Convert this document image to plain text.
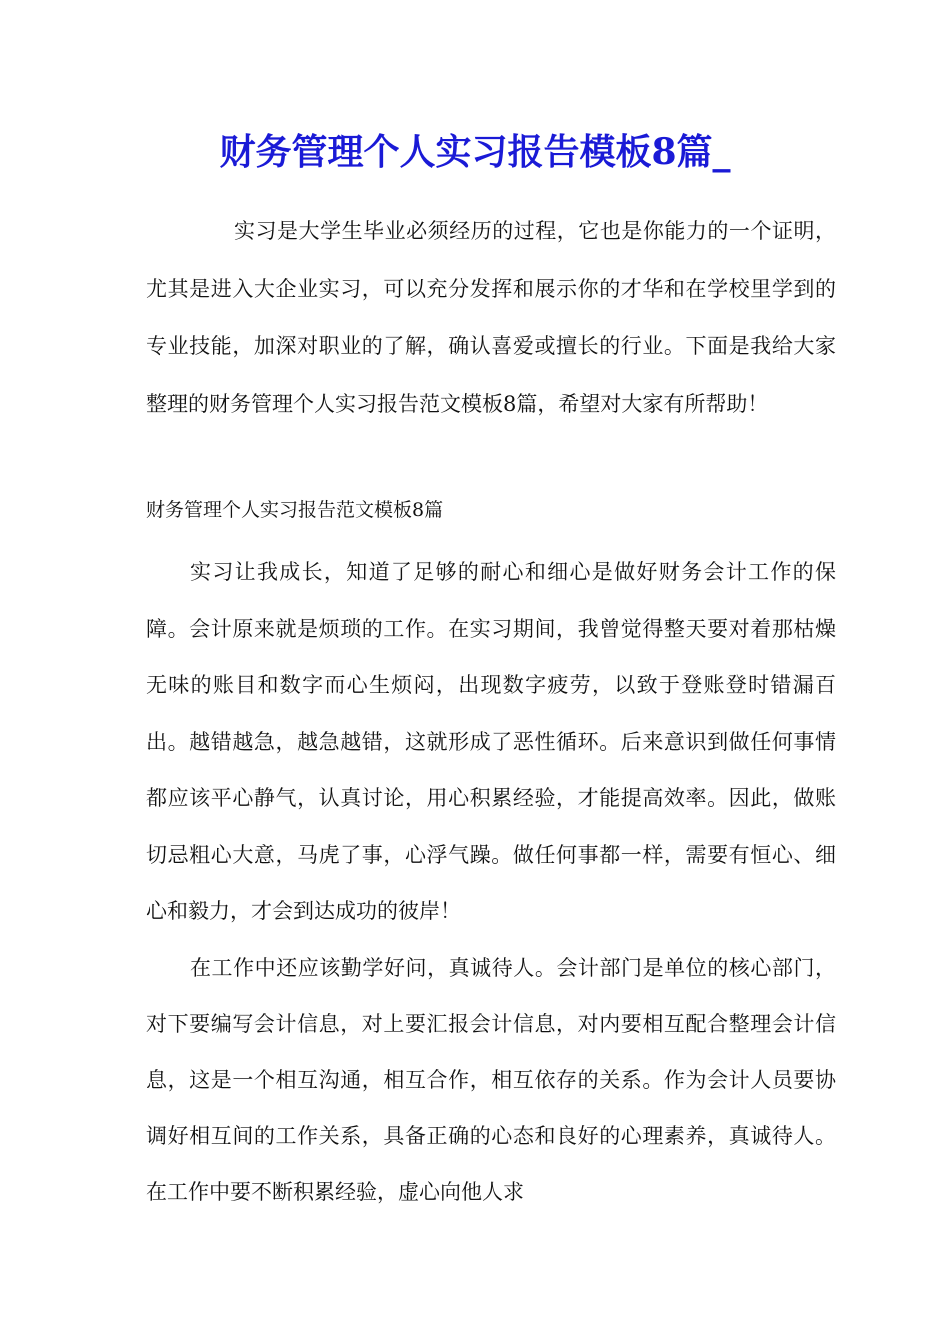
财务管理个人实习报告模板8篇_
实习是大学生毕业必须经历的过程，它也是你能力的一个证明，尤其是进入大企业实习，可以充分发挥和展示你的才华和在学校里学到的专业技能，加深对职业的了解，确认喜爱或擅长的行业。下面是我给大家整理的财务管理个人实习报告范文模板8篇，希望对大家有所帮助！
财务管理个人实习报告范文模板8篇
实习让我成长，知道了足够的耐心和细心是做好财务会计工作的保障。会计原来就是烦琐的工作。在实习期间，我曾觉得整天要对着那枯燥无味的账目和数字而心生烦闷，出现数字疲劳，以致于登账登时错漏百出。越错越急，越急越错，这就形成了恶性循环。后来意识到做任何事情都应该平心静气，认真讨论，用心积累经验，才能提高效率。因此，做账切忌粗心大意，马虎了事，心浮气躁。做任何事都一样，需要有恒心、细心和毅力，才会到达成功的彼岸！
在工作中还应该勤学好问，真诚待人。会计部门是单位的核心部门，对下要编写会计信息，对上要汇报会计信息，对内要相互配合整理会计信息，这是一个相互沟通，相互合作，相互依存的关系。作为会计人员要协调好相互间的工作关系，具备正确的心态和良好的心理素养，真诚待人。在工作中要不断积累经验，虚心向他人求
